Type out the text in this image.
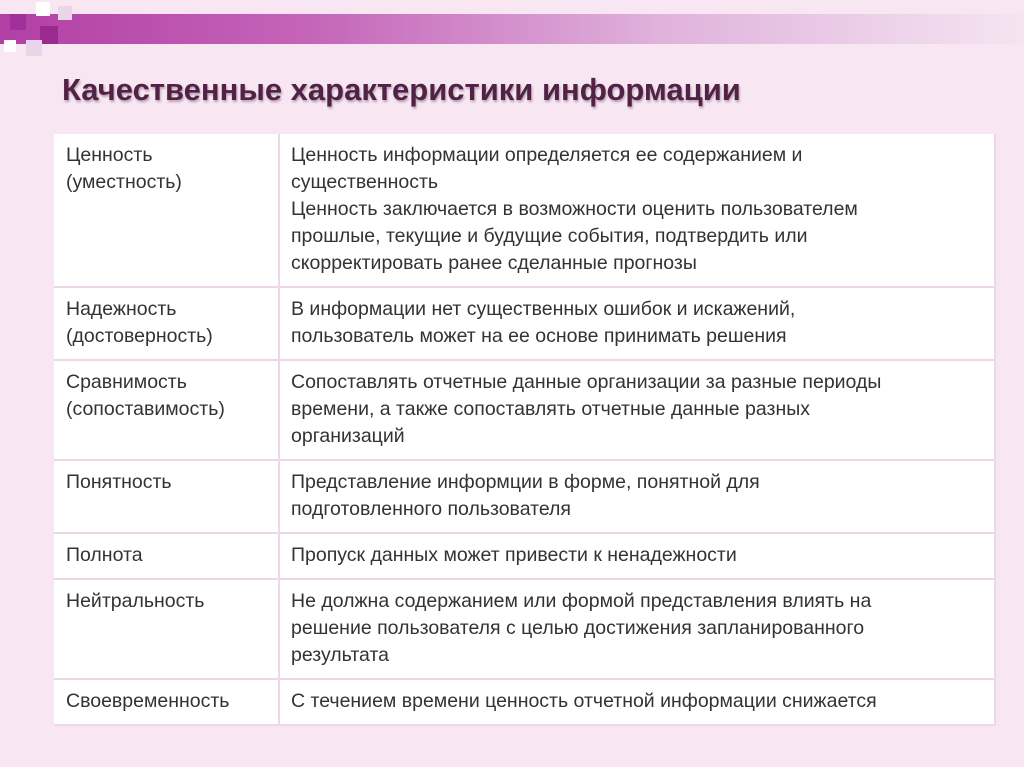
Качественные характеристики информации
Ценность
(уместность)	Ценность информации определяется ее содержанием и
существенность
Ценность заключается в возможности оценить пользователем
прошлые, текущие и будущие события, подтвердить или
скорректировать ранее сделанные прогнозы

Надежность
(достоверность)	В информации нет существенных ошибок и искажений,
пользователь может на ее основе принимать решения

Сравнимость
(сопоставимость)	Сопоставлять отчетные данные организации за разные периоды
времени, а также сопоставлять отчетные данные разных
организаций

Понятность	Представление информции в форме, понятной для
подготовленного пользователя

Полнота	Пропуск данных может привести к ненадежности

Нейтральность	Не должна содержанием или формой представления влиять на
решение пользователя с целью достижения запланированного
результата

Своевременность	С течением времени ценность отчетной информации снижается
